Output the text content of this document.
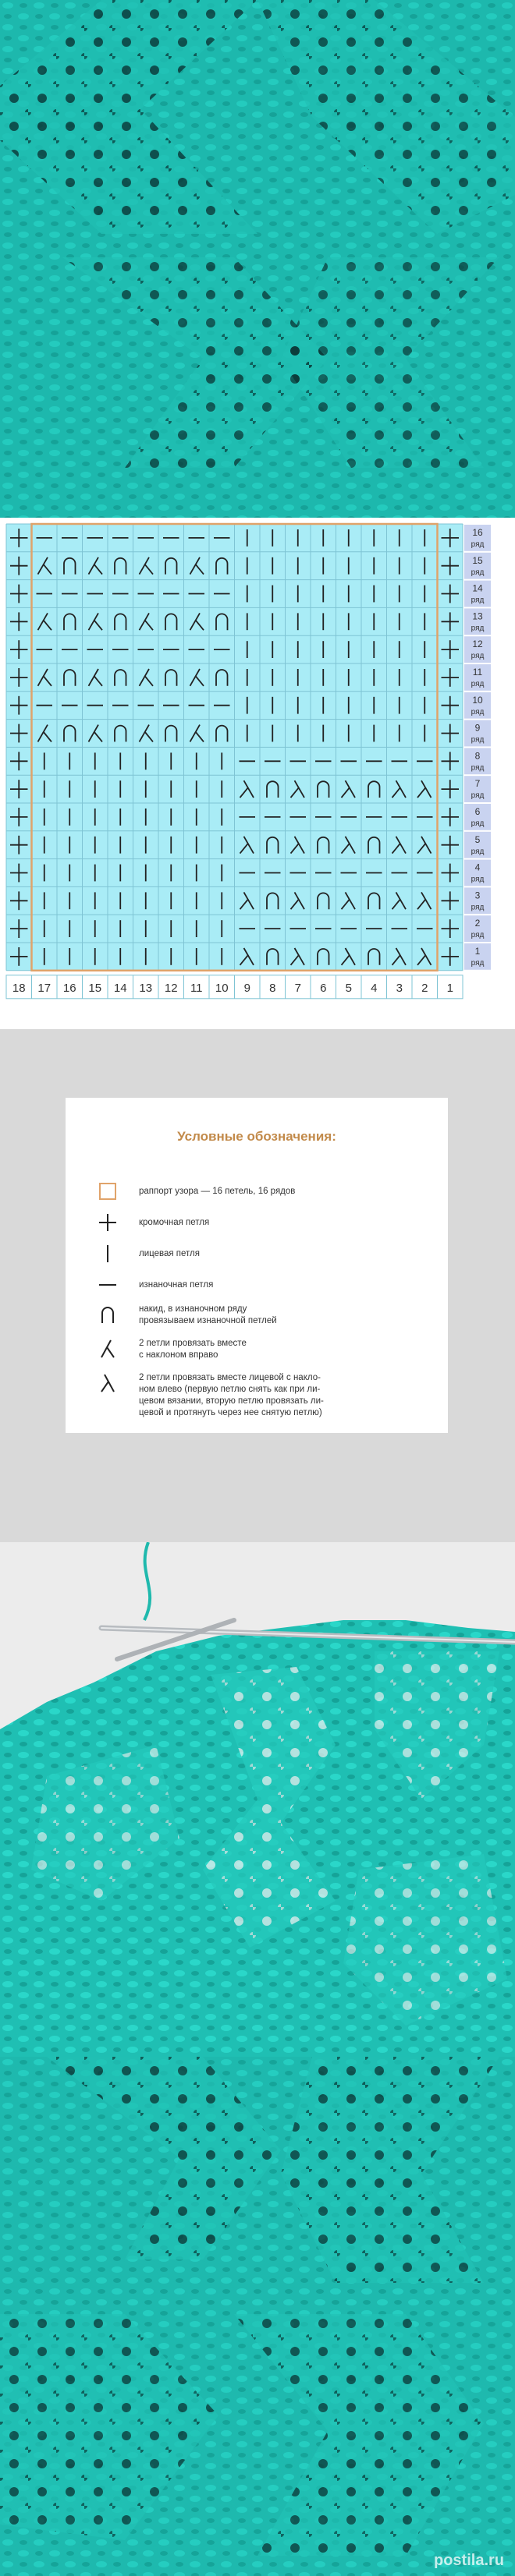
16
ряд
15
ряд
14
ряд
13
ряд
12
ряд
11
ряд
10
ряд
9
ряд
8
ряд
7
ряд
6
ряд
5
ряд
4
ряд
3
ряд
2
ряд
1
ряд
18 17 16 15 14 13 12 11 10 9 8 7 6 5 4 3 2 1
Условные обозначения:
раппорт узора — 16 петель, 16 рядов
кромочная петля
лицевая петля
изнаночная петля
накид, в изнаночном ряду
провязываем изнаночной петлей
2 петли провязать вместе
с наклоном вправо
2 петли провязать вместе лицевой с накло-
ном влево (первую петлю снять как при ли-
цевом вязании, вторую петлю провязать ли-
цевой и протянуть через нее снятую петлю)
postila.ru
